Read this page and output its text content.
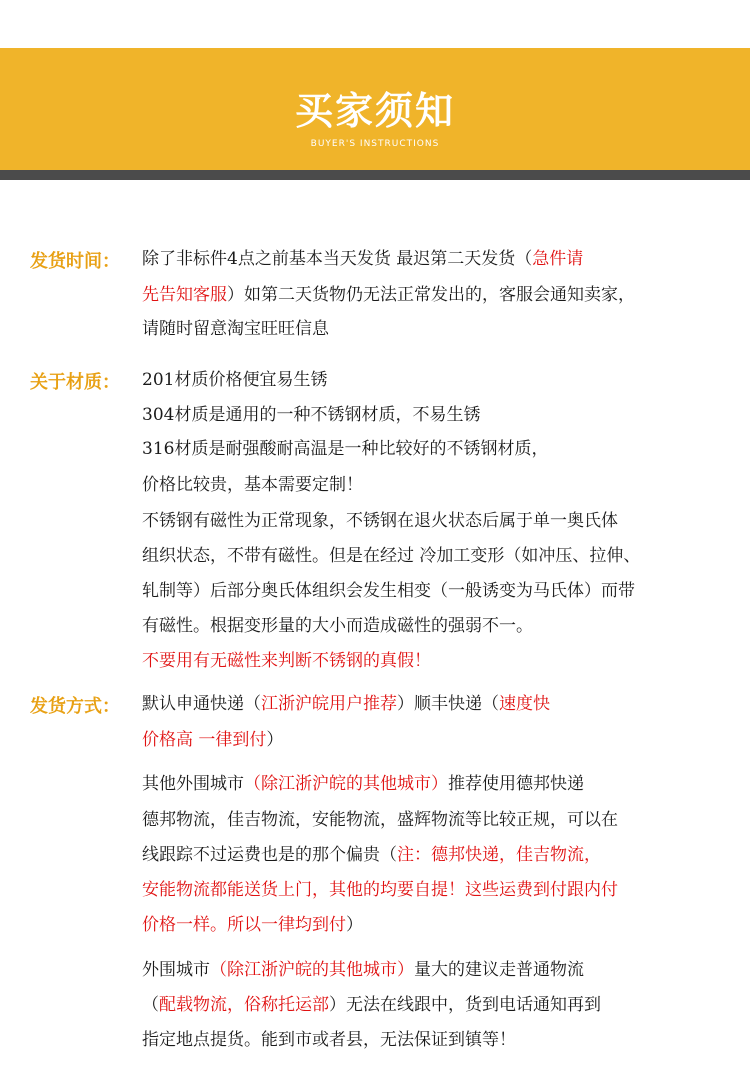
买家须知
BUYER'S INSTRUCTIONS
发货时间： 除了非标件4点之前基本当天发货 最迟第二天发货（急件请
先告知客服）如第二天货物仍无法正常发出的，客服会通知卖家，
请随时留意淘宝旺旺信息
关于材质： 201材质价格便宜易生锈
304材质是通用的一种不锈钢材质，不易生锈
316材质是耐强酸耐高温是一种比较好的不锈钢材质，
价格比较贵，基本需要定制！
不锈钢有磁性为正常现象，不锈钢在退火状态后属于单一奥氏体
组织状态，不带有磁性。但是在经过 冷加工变形（如冲压、拉伸、
轧制等）后部分奥氏体组织会发生相变（一般诱变为马氏体）而带
有磁性。根据变形量的大小而造成磁性的强弱不一。
不要用有无磁性来判断不锈钢的真假！
发货方式： 默认申通快递（江浙沪皖用户推荐）顺丰快递（速度快
价格高 一律到付）
其他外围城市（除江浙沪皖的其他城市）推荐使用德邦快递
德邦物流，佳吉物流，安能物流，盛辉物流等比较正规，可以在
线跟踪不过运费也是的那个偏贵（注：德邦快递，佳吉物流，
安能物流都能送货上门，其他的均要自提！这些运费到付跟内付
价格一样。所以一律均到付）
外围城市（除江浙沪皖的其他城市）量大的建议走普通物流
（配载物流，俗称托运部）无法在线跟中，货到电话通知再到
指定地点提货。能到市或者县，无法保证到镇等！
